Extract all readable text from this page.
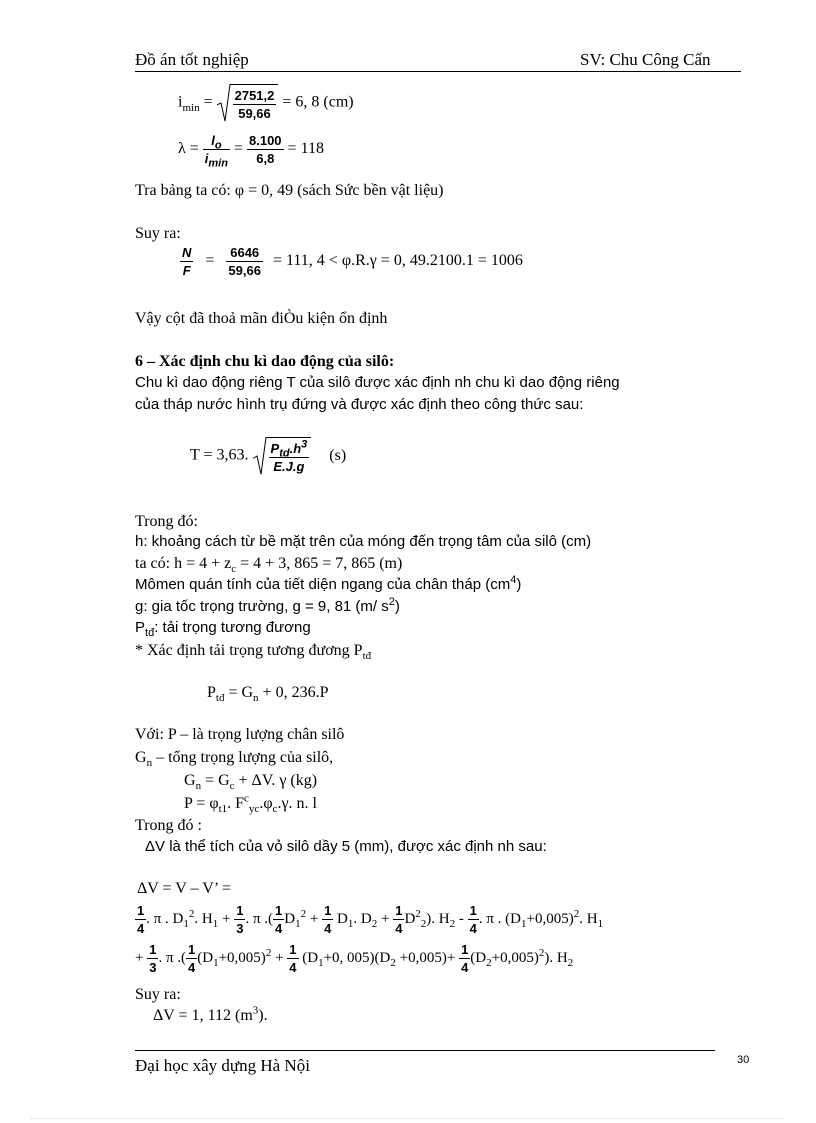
Đồ án tốt nghiệp	SV: Chu Công Cẩn
$i_{min} = \frac{2751,2}{59,66} = 6$, 8 (cm)
$\lambda = \frac{l_o}{i_{min}} = \frac{8.100}{6,8} = 118$
Tra bảng ta có: φ = 0, 49 (sách Sức bền vật liệu)
Suy ra:
$\frac{N}{F} = \frac{6646}{59,66} = 111$, 4 < φ.R.γ = 0, 49.2100.1 = 1006
Vậy cột đã thoả mãn điÒu kiện ổn định
6 – Xác định chu kì dao động của silô:
Chu kì dao động riêng T của silô được xác định nh chu kì dao động riêng
của tháp nước hình trụ đứng và được xác định theo công thức sau:
T = 3,63. $\frac{P_{td}.h^3}{E.J.g} (s)$
Trong đó:
h: khoảng cách từ bề mặt trên của móng đến trọng tâm của silô (cm)
ta có: $h = 4 + z_c = 4 + 3$, 865 = 7, 865 (m)
Mômen quán tính của tiết diện ngang của chân tháp $(cm^4)$
g: gia tốc trọng trường, g = 9, 81 (m/ $s^2$)
$P_{tđ}$: tải trọng tương đương
* Xác định tải trọng tương đương $P_{tđ}$
$P_{tđ} = G_n + 0$, 236.P
Với: P – là trọng lượng chân silô
$G_n$ – tổng trọng lượng của silô,
$G_n = G_c + \Delta V$. γ (kg)
$P = \varphi_{t1}$. $F^c_{yc}.\varphi_c.\gamma$. n. l
Trong đó :
ΔV là thể tích của vỏ silô dầy 5 (mm), được xác định nh sau:
ΔV = V – V’ =
$\frac{1}{4}$ . π . $D_1^2$. $H_1 + \frac{1}{3}$ . π .( $\frac{1}{4} D_1^2 + \frac{1}{4} D_1$. $D_2 + \frac{1}{4} D^2_2$). $H_2 - \frac{1}{4}$ . π . $(D_1+0,005)^2$. $H_1$
+ $\frac{1}{3}$ . π .( $\frac{1}{4} (D_1+0,005)^2 + \frac{1}{4} (D_1+0$, $005)(D_2 +0,005)+ \frac{1}{4} (D_2+0,005)^2$). $H_2$
Suy ra:
ΔV = 1, 112 $(m^3)$.
Đại học xây dựng Hà Nội	30
